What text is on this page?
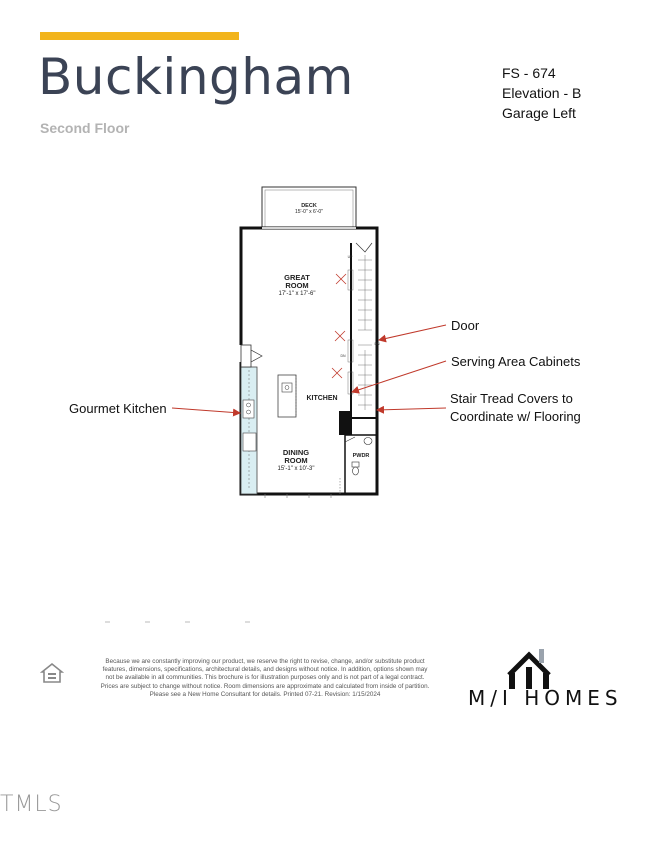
Buckingham
Second Floor
FS - 674
Elevation - B
Garage Left
DECK
15'-0" x 6'-0"
UP
DN
DN
PWDR
GREAT
ROOM
17'-1" x 17'-6"
KITCHEN
DINING
ROOM
15'-1" x 10'-3"
Door
Serving Area Cabinets
Stair Tread Covers to
Coordinate w/ Flooring
Gourmet Kitchen
Because we are constantly improving our product, we reserve the right to revise, change, and/or substitute product features, dimensions, specifications, architectural details, and designs without notice. In addition, options shown may not be available in all communities. This brochure is for illustration purposes only and is not part of a legal contract. Prices are subject to change without notice. Room dimensions are approximate and calculated from inside of partition. Please see a New Home Consultant for details. Printed 07-21. Revision: 1/15/2024	M/I HOMES
TMLS
